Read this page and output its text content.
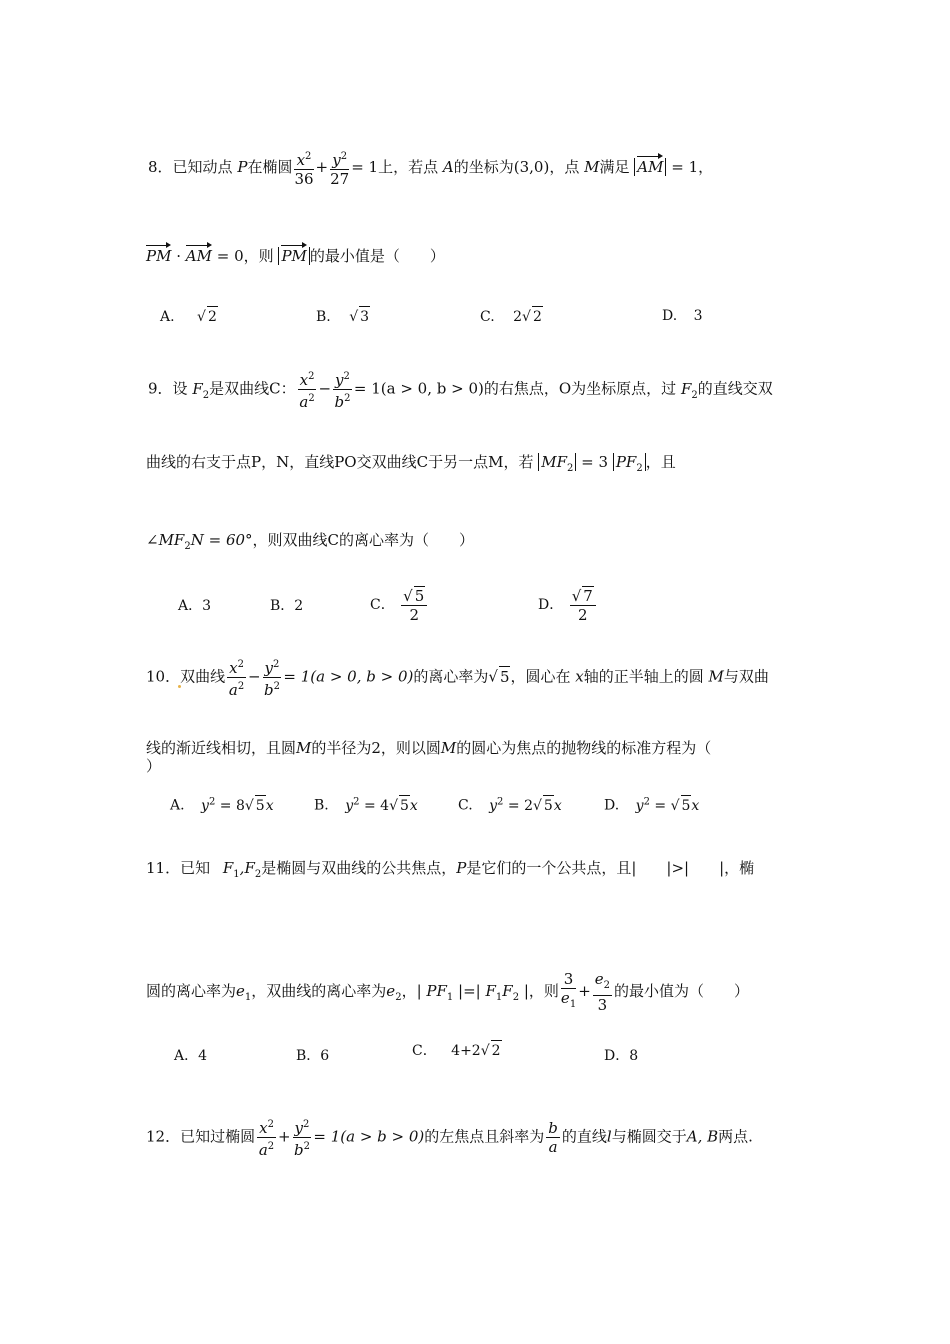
8．已知动点 P在椭圆 $\frac{x^2}{36} + \frac{y^2}{27} = 1$上，若点 A的坐标为(3,0)，点 M满足 AM = 1，
PM · AM = 0，则 PM 的最小值是（　　）
A. √ 2	B. √ 3	C. 2√ 2	D. 3
9．设 $F_2$是双曲线C： $\frac{x^2}{a^2} - \frac{y^2}{b^2} = 1(a > 0$, b > 0)的右焦点，O为坐标原点，过 $F_2$的直线交双
曲线的右支于点P，N，直线PO交双曲线C于另一点M，若 $MF_2 = 3$ $PF_2$ ，且
$\angle MF_2N = 60^\circ$，则双曲线C的离心率为（　　）
A．3	B．2	C． $\frac{√ 5}{2}$	D． $\frac{√ 7}{2}$
10．双曲线 $\frac{x^2}{a^2} - \frac{y^2}{b^2} = 1(a > 0$, b > 0)的离心率为√ 5，圆心在 x轴的正半轴上的圆 M与双曲
线的渐近线相切，且圆M的半径为2，则以圆M的圆心为焦点的抛物线的标准方程为（
）
A. $y^2 = 8√$ 5x	B. $y^2 = 4√$ 5x	C. $y^2 = 2√$ 5x	D. $y^2$ = √ 5x
11．已知 $F_1,F_2$是椭圆与双曲线的公共焦点，P是它们的一个公共点，且|　　|>|　　|，椭
圆的离心率为$e_1$，双曲线的离心率为$e_2$，| $PF_1$ |=| $F_1F_2$ |，则 $\frac{3}{e_1} + \frac{e_2}{3}$ 的最小值为（　　）
A．4	B．6	C． 4+2√ 2	D．8
12．已知过椭圆 $\frac{x^2}{a^2} + \frac{y^2}{b^2} = 1(a > b > 0)$的左焦点且斜率为 $\frac{b}{a}$ 的直线l与椭圆交于A, B两点.
